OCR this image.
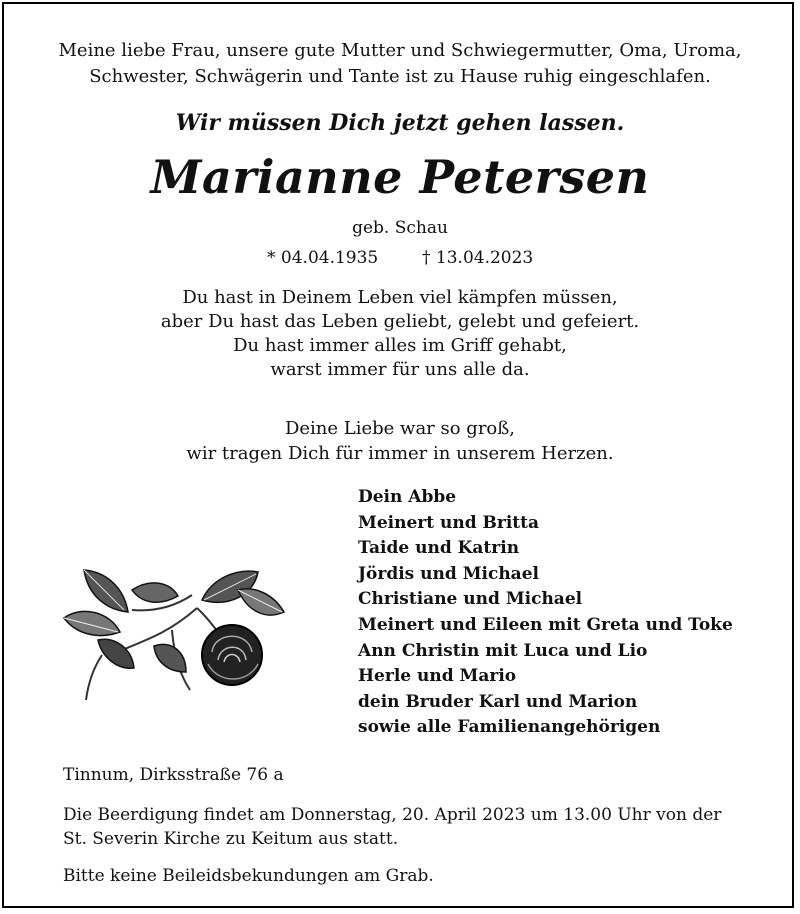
Meine liebe Frau, unsere gute Mutter und Schwiegermutter, Oma, Uroma,
Schwester, Schwägerin und Tante ist zu Hause ruhig eingeschlafen.
Wir müssen Dich jetzt gehen lassen.
Marianne Petersen
geb. Schau
* 04.04.1935	† 13.04.2023
Du hast in Deinem Leben viel kämpfen müssen,
aber Du hast das Leben geliebt, gelebt und gefeiert.
Du hast immer alles im Griff gehabt,
warst immer für uns alle da.
Deine Liebe war so groß,
wir tragen Dich für immer in unserem Herzen.
Dein Abbe
Meinert und Britta
Taide und Katrin
Jördis und Michael
Christiane und Michael
Meinert und Eileen mit Greta und Toke
Ann Christin mit Luca und Lio
Herle und Mario
dein Bruder Karl und Marion
sowie alle Familienangehörigen
Tinnum, Dirksstraße 76 a
Die Beerdigung findet am Donnerstag, 20. April 2023 um 13.00 Uhr von der
St. Severin Kirche zu Keitum aus statt.
Bitte keine Beileidsbekundungen am Grab.
